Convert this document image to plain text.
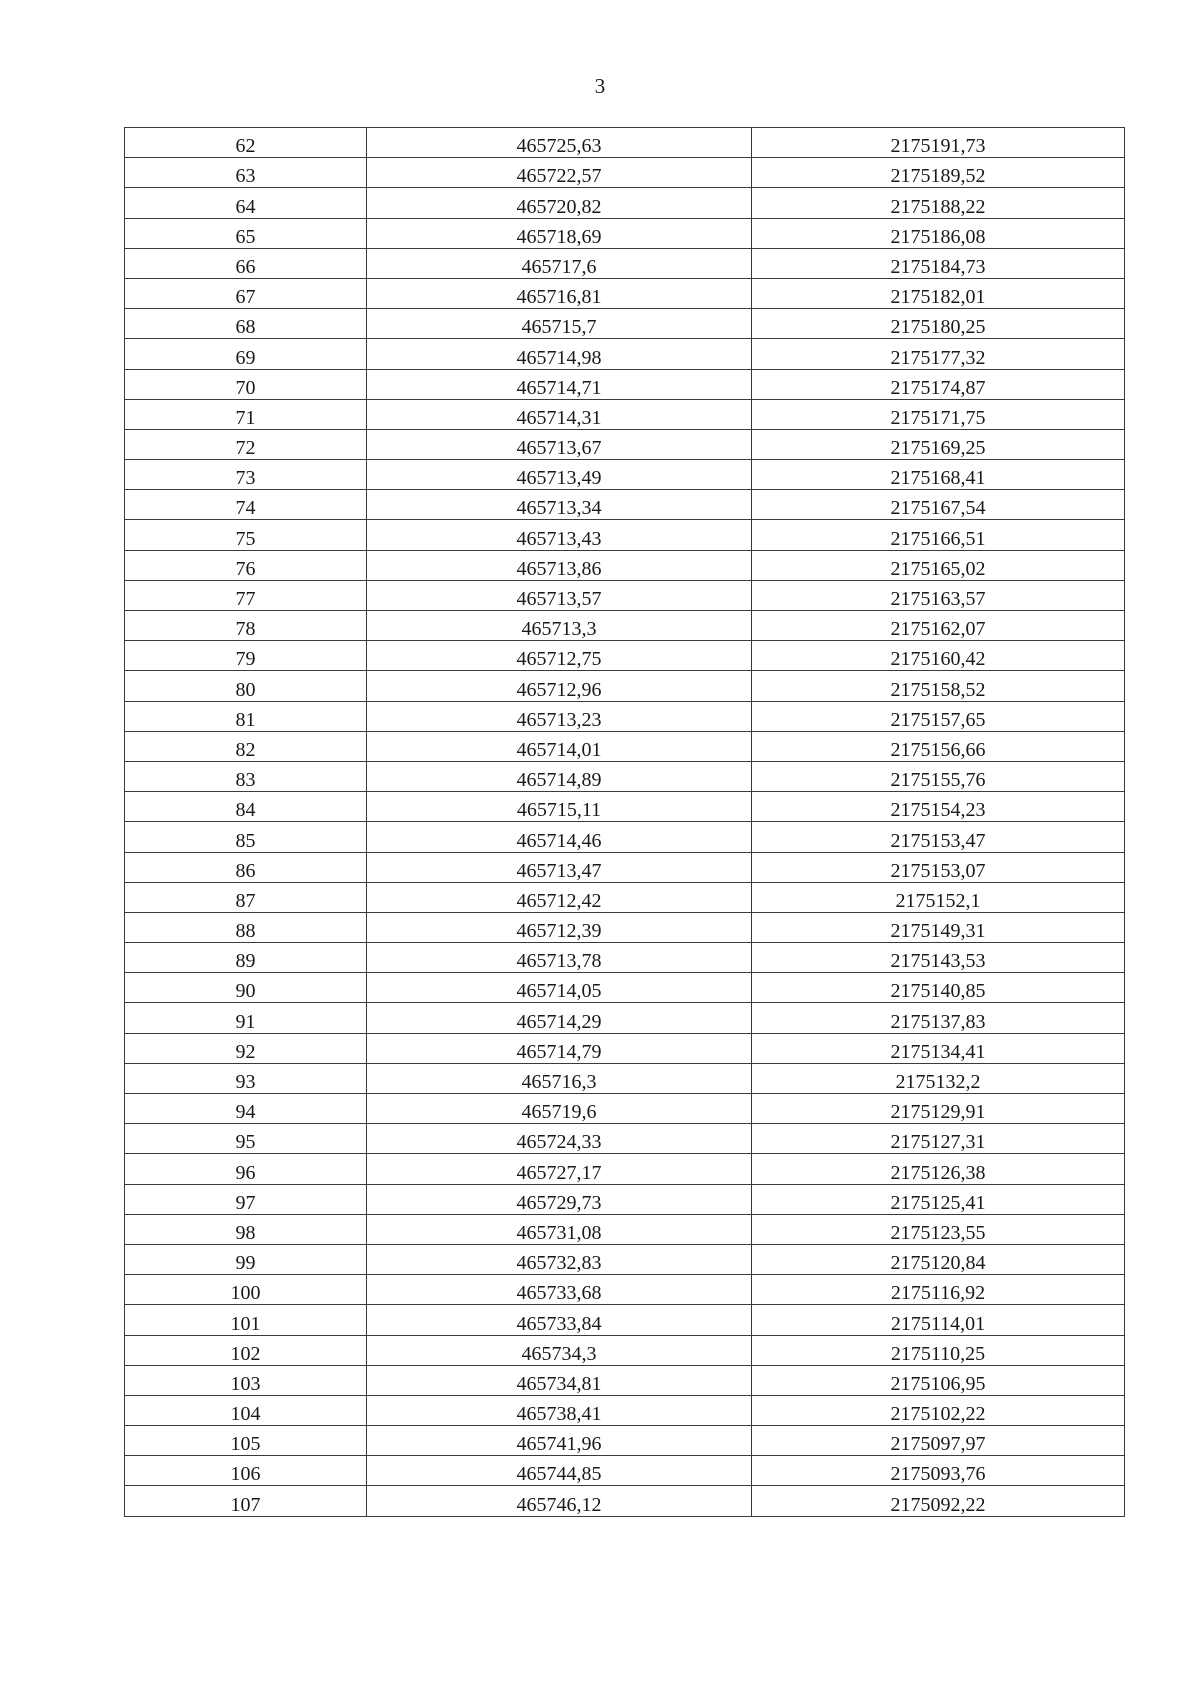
3
62	465725,63	2175191,73
63	465722,57	2175189,52
64	465720,82	2175188,22
65	465718,69	2175186,08
66	465717,6	2175184,73
67	465716,81	2175182,01
68	465715,7	2175180,25
69	465714,98	2175177,32
70	465714,71	2175174,87
71	465714,31	2175171,75
72	465713,67	2175169,25
73	465713,49	2175168,41
74	465713,34	2175167,54
75	465713,43	2175166,51
76	465713,86	2175165,02
77	465713,57	2175163,57
78	465713,3	2175162,07
79	465712,75	2175160,42
80	465712,96	2175158,52
81	465713,23	2175157,65
82	465714,01	2175156,66
83	465714,89	2175155,76
84	465715,11	2175154,23
85	465714,46	2175153,47
86	465713,47	2175153,07
87	465712,42	2175152,1
88	465712,39	2175149,31
89	465713,78	2175143,53
90	465714,05	2175140,85
91	465714,29	2175137,83
92	465714,79	2175134,41
93	465716,3	2175132,2
94	465719,6	2175129,91
95	465724,33	2175127,31
96	465727,17	2175126,38
97	465729,73	2175125,41
98	465731,08	2175123,55
99	465732,83	2175120,84
100	465733,68	2175116,92
101	465733,84	2175114,01
102	465734,3	2175110,25
103	465734,81	2175106,95
104	465738,41	2175102,22
105	465741,96	2175097,97
106	465744,85	2175093,76
107	465746,12	2175092,22
